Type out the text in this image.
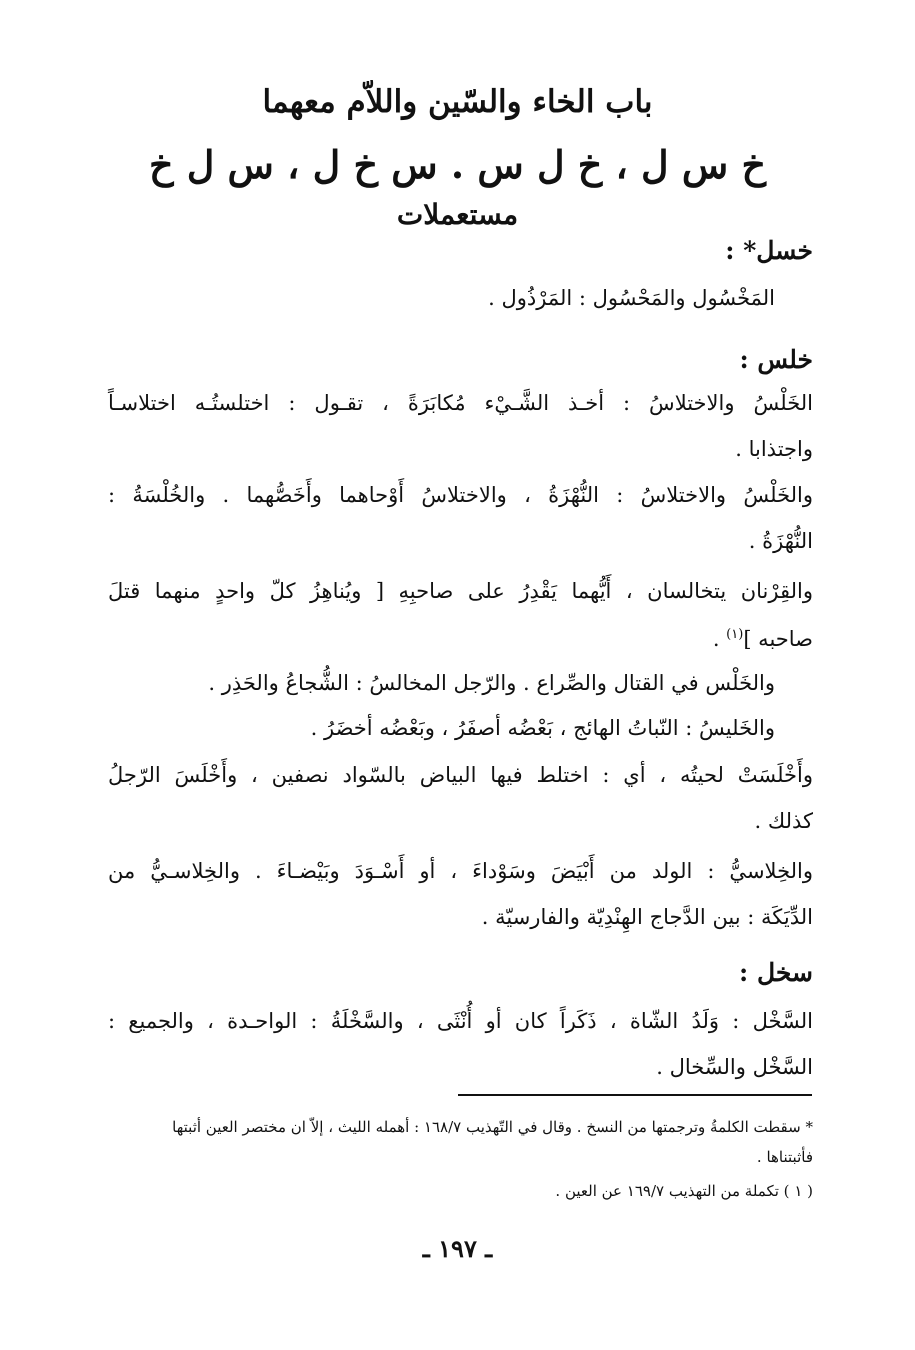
باب الخاء والسّين واللاّم معهما
خ س ل ، خ ل س . س خ ل ، س ل خ
مستعملات
خسل* :
المَخْسُول والمَحْسُول : المَرْذُول .
خلس :
الخَلْسُ والاختلاسُ : أخـذ الشَّـيْء مُكابَرَةً ، تقـول : اختلستُـه اختلاسـاً
واجتذابا .
والخَلْسُ والاختلاسُ : النُّهْزَةُ ، والاختلاسُ أَوْحاهما وأَخَصُّهما . والخُلْسَةُ :
النُّهْزَةُ .
والقِرْنان يتخالسان ، أَيُّهما يَقْدِرُ على صاحبِهِ [ ويُناهِزُ كلّ واحدٍ منهما قتلَ
صاحبه ]$^{(١)}$ .
والخَلْس في القتال والصِّراع . والرّجل المخالسُ : الشُّجاعُ والحَذِر .
والخَليسُ : النّباتُ الهائج ، بَعْضُه أصفَرُ ، وبَعْضُه أخضَرُ .
وأَخْلَسَتْ لحيتُه ، أي : اختلط فيها البياض بالسّواد نصفين ، وأَخْلَسَ الرّجلُ
كذلك .
والخِلاسيُّ : الولد من أَبْيَضَ وسَوْداءَ ، أو أَسْـوَدَ وبَيْضـاءَ . والخِلاسـيُّ من
الدِّيَكَة : بين الدَّجاج الهِنْدِيّة والفارسيّة .
سخل :
السَّخْل : وَلَدُ الشّاة ، ذَكَراً كان أو أُنْثَى ، والسَّخْلَةُ : الواحـدة ، والجميع :
السَّخْل والسِّخال .
* سقطت الكلمةُ وترجمتها من النسخ . وقال في التّهذيب ١٦٨/٧ : أهمله الليث ، إلاّ ان مختصر العين أثبتها
فأثبتناها .
( ١ ) تكملة من التهذيب ١٦٩/٧ عن العين .
ـ ١٩٧ ـ
